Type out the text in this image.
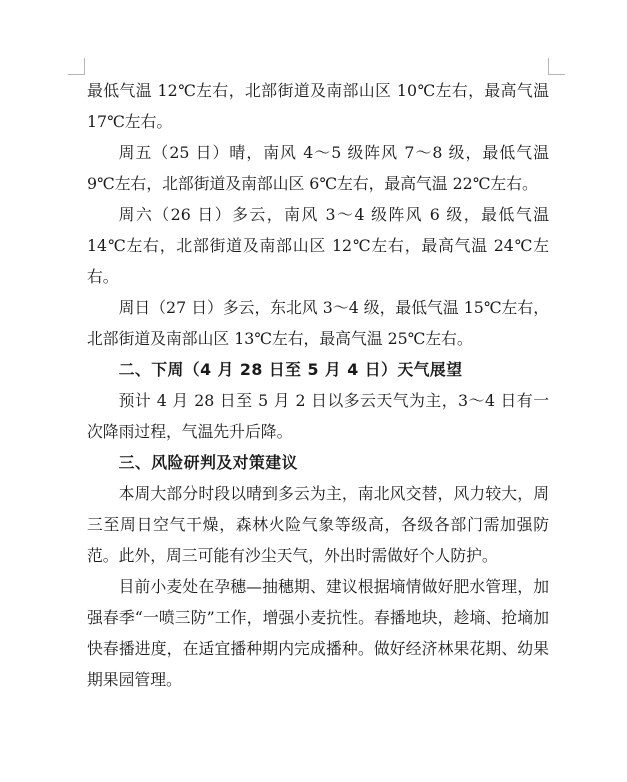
最低气温 12℃左右，北部街道及南部山区 10℃左右，最高气温 17℃左右。

周五（25 日）晴，南风 4～5 级阵风 7～8 级，最低气温 9℃左右，北部街道及南部山区 6℃左右，最高气温 22℃左右。

周六（26 日）多云，南风 3～4 级阵风 6 级，最低气温 14℃左右，北部街道及南部山区 12℃左右，最高气温 24℃左右。

周日（27 日）多云，东北风 3～4 级，最低气温 15℃左右，北部街道及南部山区 13℃左右，最高气温 25℃左右。

二、下周（4 月 28 日至 5 月 4 日）天气展望

预计 4 月 28 日至 5 月 2 日以多云天气为主，3～4 日有一次降雨过程，气温先升后降。

三、风险研判及对策建议

本周大部分时段以晴到多云为主，南北风交替，风力较大，周三至周日空气干燥，森林火险气象等级高，各级各部门需加强防范。此外，周三可能有沙尘天气，外出时需做好个人防护。

目前小麦处在孕穗—抽穗期、建议根据墒情做好肥水管理，加强春季“一喷三防”工作，增强小麦抗性。春播地块，趁墒、抢墒加快春播进度，在适宜播种期内完成播种。做好经济林果花期、幼果期果园管理。
